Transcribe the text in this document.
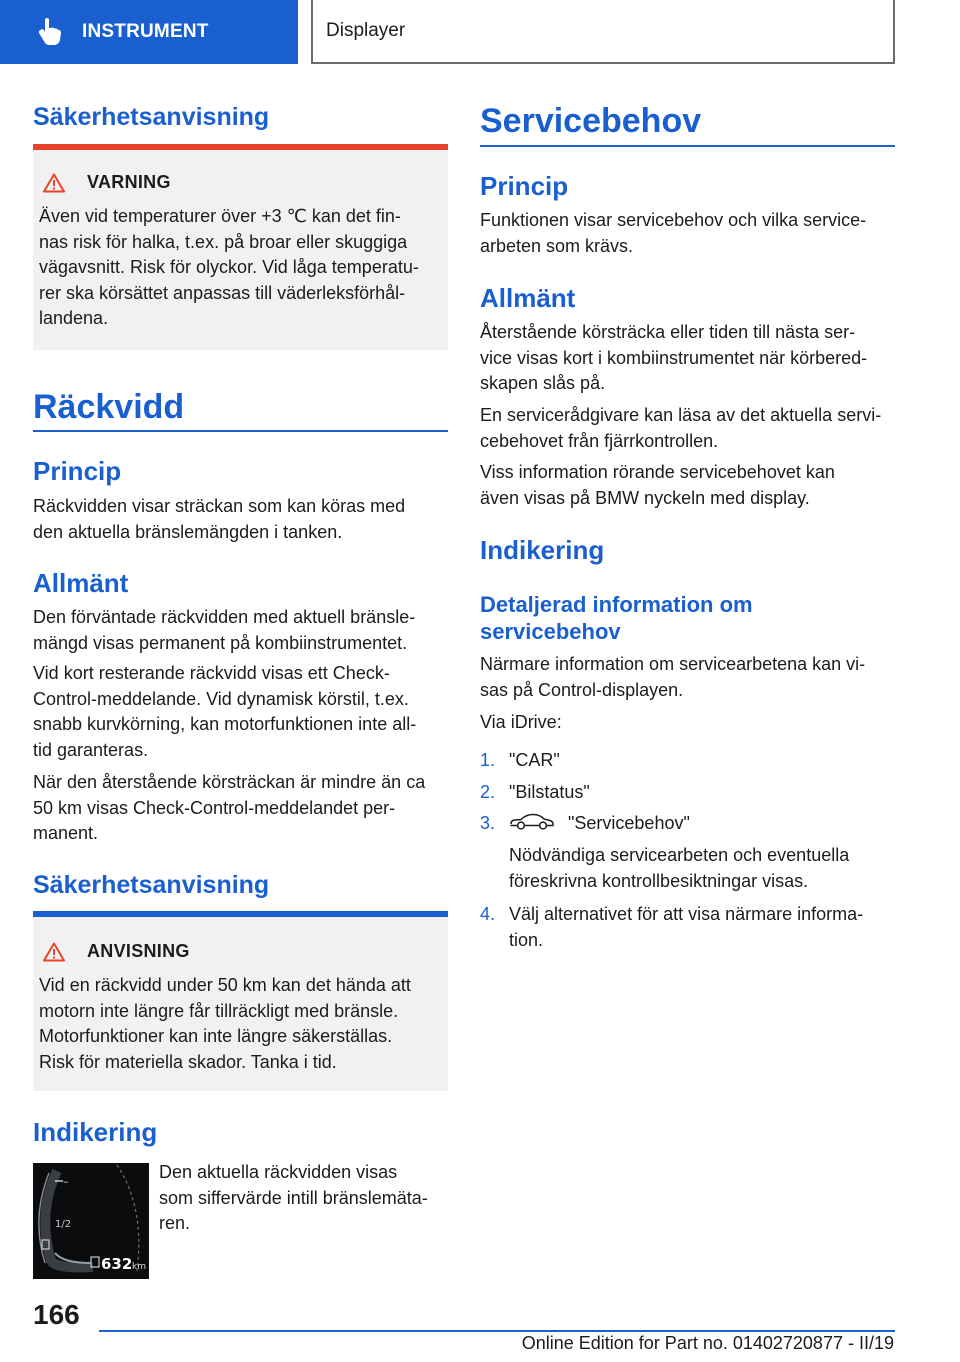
INSTRUMENT	Displayer
Säkerhetsanvisning
VARNING
Även vid temperaturer över +3 ℃ kan det fin-
nas risk för halka, t.ex. på broar eller skuggiga
vägavsnitt. Risk för olyckor. Vid låga temperatu-
rer ska körsättet anpassas till väderleksförhål-
landena.
Räckvidd
Princip
Räckvidden visar sträckan som kan köras med
den aktuella bränslemängden i tanken.
Allmänt
Den förväntade räckvidden med aktuell bränsle-
mängd visas permanent på kombiinstrumentet.
Vid kort resterande räckvidd visas ett Check-
Control-meddelande. Vid dynamisk körstil, t.ex.
snabb kurvkörning, kan motorfunktionen inte all-
tid garanteras.
När den återstående körsträckan är mindre än ca
50 km visas Check-Control-meddelandet per-
manent.
Säkerhetsanvisning
ANVISNING
Vid en räckvidd under 50 km kan det hända att
motorn inte längre får tillräckligt med bränsle.
Motorfunktioner kan inte längre säkerställas.
Risk för materiella skador. Tanka i tid.
Indikering
–
1/2
632 km
Den aktuella räckvidden visas
som siffervärde intill bränslemäta-
ren.
Servicebehov
Princip
Funktionen visar servicebehov och vilka service-
arbeten som krävs.
Allmänt
Återstående körsträcka eller tiden till nästa ser-
vice visas kort i kombiinstrumentet när körbered-
skapen slås på.
En servicerådgivare kan läsa av det aktuella servi-
cebehovet från fjärrkontrollen.
Viss information rörande servicebehovet kan
även visas på BMW nyckeln med display.
Indikering
Detaljerad information om
servicebehov
Närmare information om servicearbetena kan vi-
sas på Control-displayen.
Via iDrive:
1. "CAR"
2. "Bilstatus"
3.	"Servicebehov"
Nödvändiga servicearbeten och eventuella
föreskrivna kontrollbesiktningar visas.
4. Välj alternativet för att visa närmare informa-
tion.
166
Online Edition for Part no. 01402720877 - II/19
